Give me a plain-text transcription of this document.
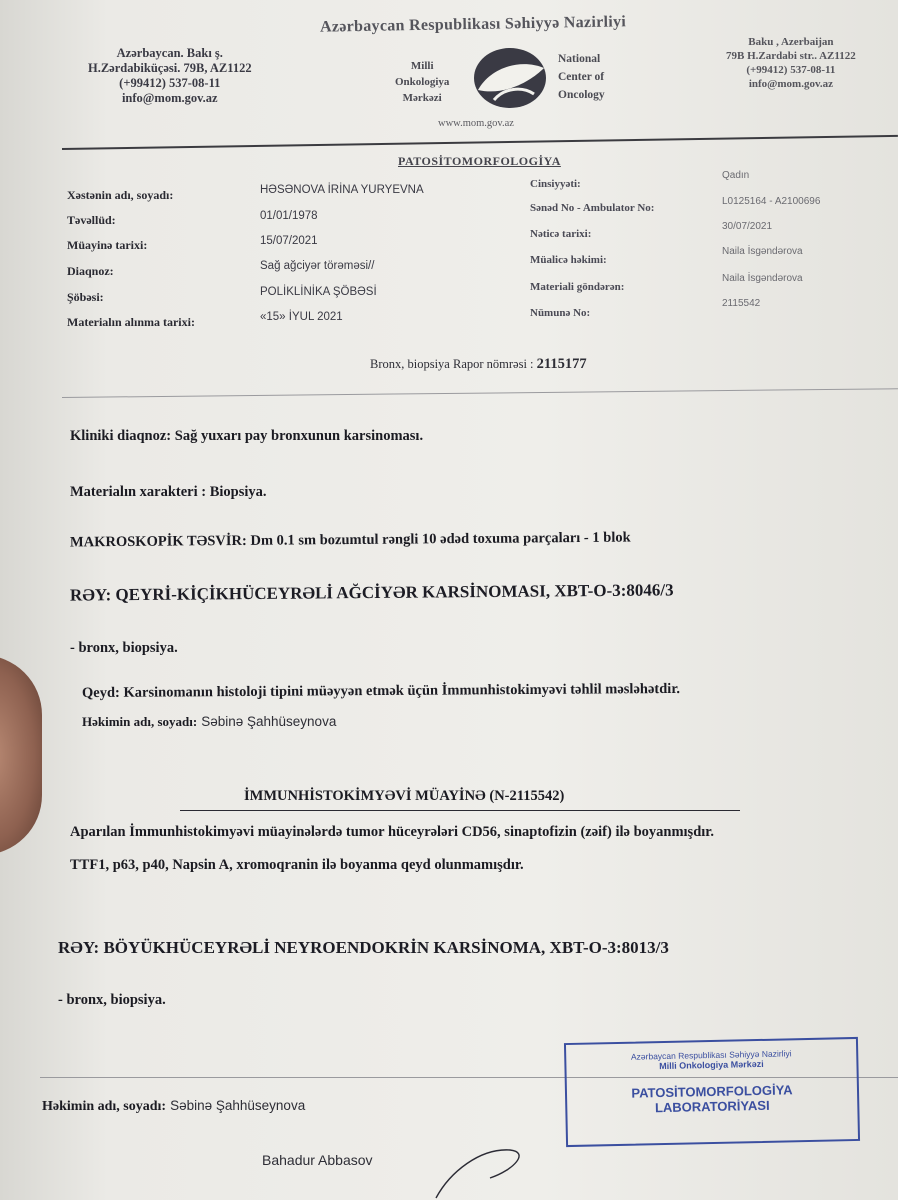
Azərbaycan Respublikası Səhiyyə Nazirliyi
Azərbaycan. Bakı ş.
H.Zərdabiküçəsi. 79B, AZ1122
(+99412) 537-08-11
info@mom.gov.az
Milli
Onkologiya
Mərkəzi
National
Center of
Oncology
Baku , Azerbaijan
79B H.Zardabi str.. AZ1122
(+99412) 537-08-11
info@mom.gov.az
www.mom.gov.az
PATOSİTOMORFOLOGİYA
Xəstənin adı, soyadı:	HƏSƏNOVA İRİNA YURYEVNA
Təvəllüd:	01/01/1978
Müayinə tarixi:	15/07/2021
Diaqnoz:	Sağ ağciyər törəməsi//
Şöbəsi:	POLİKLİNİKA ŞÖBƏSİ
Materialın alınma tarixi:	«15» İYUL 2021
Cinsiyyəti:
Qadın
Sənəd No - Ambulator No:
L0125164 - A2100696
Nəticə tarixi:
30/07/2021
Müalicə həkimi:
Naila İsgəndərova
Materiali göndərən:
Naila İsgəndərova
Nümunə No:
2115542
Bronx, biopsiya Rapor nömrəsi : 2115177
Kliniki diaqnoz: Sağ yuxarı pay bronxunun karsinoması.
Materialın xarakteri : Biopsiya.
MAKROSKOPİK TƏSVİR: Dm 0.1 sm bozumtul rəngli 10 ədəd toxuma parçaları - 1 blok
RƏY: QEYRİ-KİÇİKHÜCEYRƏLİ AĞCİYƏR KARSİNOMASI, XBT-O-3:8046/3
- bronx, biopsiya.
Qeyd: Karsinomanın histoloji tipini müəyyən etmək üçün İmmunhistokimyəvi təhlil məsləhətdir.
Həkimin adı, soyadı: Səbinə Şahhüseynova
İMMUNHİSTOKİMYƏVİ MÜAYİNƏ (N-2115542)
Aparılan İmmunhistokimyəvi müayinələrdə tumor hüceyrələri CD56, sinaptofizin (zəif) ilə boyanmışdır.
TTF1, p63, p40, Napsin A, xromoqranin ilə boyanma qeyd olunmamışdır.
RƏY: BÖYÜKHÜCEYRƏLİ NEYROENDOKRİN KARSİNOMA, XBT-O-3:8013/3
- bronx, biopsiya.
Həkimin adı, soyadı: Səbinə Şahhüseynova
Bahadur Abbasov
Azərbaycan Respublikası Səhiyyə Nazirliyi
Milli Onkologiya Mərkəzi
PATOSİTOMORFOLOGİYA
LABORATORİYASI
